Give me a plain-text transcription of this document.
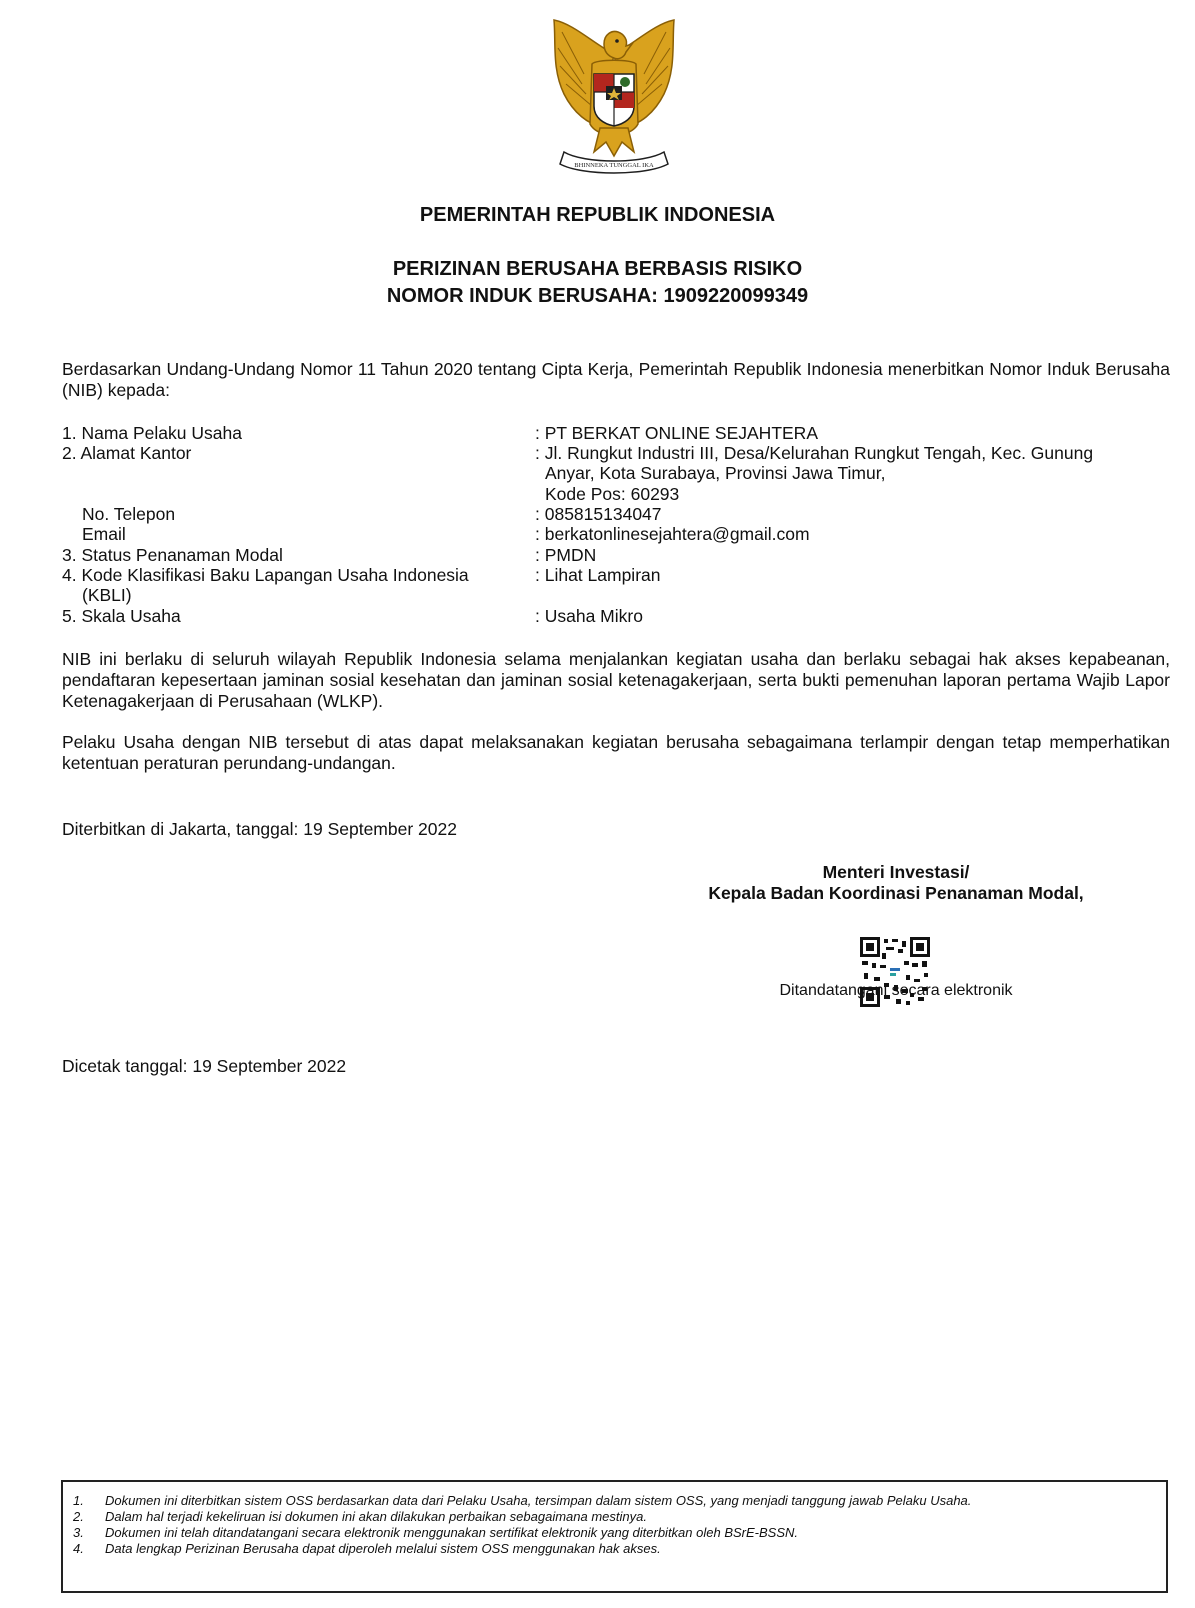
BHINNEKA TUNGGAL IKA
PEMERINTAH REPUBLIK INDONESIA
PERIZINAN BERUSAHA BERBASIS RISIKO
NOMOR INDUK BERUSAHA: 1909220099349
Berdasarkan Undang-Undang Nomor 11 Tahun 2020 tentang Cipta Kerja, Pemerintah Republik Indonesia menerbitkan Nomor Induk Berusaha (NIB) kepada:
1. Nama Pelaku Usaha	: PT BERKAT ONLINE SEJAHTERA
2. Alamat Kantor	: Jl. Rungkut Industri III, Desa/Kelurahan Rungkut Tengah, Kec. Gunung
Anyar, Kota Surabaya, Provinsi Jawa Timur,
Kode Pos: 60293
No. Telepon	: 085815134047
Email	: berkatonlinesejahtera@gmail.com
3. Status Penanaman Modal	: PMDN
4. Kode Klasifikasi Baku Lapangan Usaha Indonesia	: Lihat Lampiran
(KBLI)
5. Skala Usaha	: Usaha Mikro
NIB ini berlaku di seluruh wilayah Republik Indonesia selama menjalankan kegiatan usaha dan berlaku sebagai hak akses kepabeanan, pendaftaran kepesertaan jaminan sosial kesehatan dan jaminan sosial ketenagakerjaan, serta bukti pemenuhan laporan pertama Wajib Lapor Ketenagakerjaan di Perusahaan (WLKP).
Pelaku Usaha dengan NIB tersebut di atas dapat melaksanakan kegiatan berusaha sebagaimana terlampir dengan tetap memperhatikan ketentuan peraturan perundang-undangan.
Diterbitkan di Jakarta, tanggal: 19 September 2022
Menteri Investasi/
Kepala Badan Koordinasi Penanaman Modal,
Ditandatangani secara elektronik
Dicetak tanggal: 19 September 2022
1. Dokumen ini diterbitkan sistem OSS berdasarkan data dari Pelaku Usaha, tersimpan dalam sistem OSS, yang menjadi tanggung jawab Pelaku Usaha.
2. Dalam hal terjadi kekeliruan isi dokumen ini akan dilakukan perbaikan sebagaimana mestinya.
3. Dokumen ini telah ditandatangani secara elektronik menggunakan sertifikat elektronik yang diterbitkan oleh BSrE-BSSN.
4. Data lengkap Perizinan Berusaha dapat diperoleh melalui sistem OSS menggunakan hak akses.
